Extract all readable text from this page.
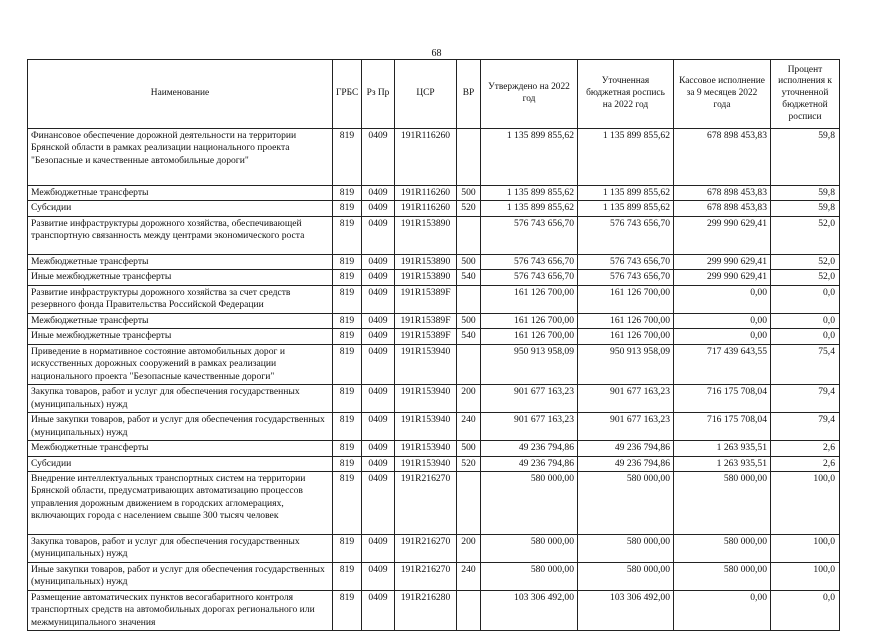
68
Наименование	ГРБС	Рз Пр	ЦСР	ВР	Утверждено на 2022 год	Уточненная бюджетная роспись на 2022 год	Кассовое исполнение за 9 месяцев 2022 года	Процент исполнения к уточненной бюджетной росписи
Финансовое обеспечение дорожной деятельности на территории Брянской области в рамках реализации национального проекта "Безопасные и качественные автомобильные дороги"	819	0409	191R116260		1 135 899 855,62	1 135 899 855,62	678 898 453,83	59,8
Межбюджетные трансферты	819	0409	191R116260	500	1 135 899 855,62	1 135 899 855,62	678 898 453,83	59,8
Субсидии	819	0409	191R116260	520	1 135 899 855,62	1 135 899 855,62	678 898 453,83	59,8
Развитие инфраструктуры дорожного хозяйства, обеспечивающей транспортную связанность между центрами экономического роста	819	0409	191R153890		576 743 656,70	576 743 656,70	299 990 629,41	52,0
Межбюджетные трансферты	819	0409	191R153890	500	576 743 656,70	576 743 656,70	299 990 629,41	52,0
Иные межбюджетные трансферты	819	0409	191R153890	540	576 743 656,70	576 743 656,70	299 990 629,41	52,0
Развитие инфраструктуры дорожного хозяйства за счет средств резервного фонда Правительства Российской Федерации	819	0409	191R15389F		161 126 700,00	161 126 700,00	0,00	0,0
Межбюджетные трансферты	819	0409	191R15389F	500	161 126 700,00	161 126 700,00	0,00	0,0
Иные межбюджетные трансферты	819	0409	191R15389F	540	161 126 700,00	161 126 700,00	0,00	0,0
Приведение в нормативное состояние автомобильных дорог и искусственных дорожных сооружений в рамках реализации национального проекта "Безопасные качественные дороги"	819	0409	191R153940		950 913 958,09	950 913 958,09	717 439 643,55	75,4
Закупка товаров, работ и услуг для обеспечения государственных (муниципальных) нужд	819	0409	191R153940	200	901 677 163,23	901 677 163,23	716 175 708,04	79,4
Иные закупки товаров, работ и услуг для обеспечения государственных (муниципальных) нужд	819	0409	191R153940	240	901 677 163,23	901 677 163,23	716 175 708,04	79,4
Межбюджетные трансферты	819	0409	191R153940	500	49 236 794,86	49 236 794,86	1 263 935,51	2,6
Субсидии	819	0409	191R153940	520	49 236 794,86	49 236 794,86	1 263 935,51	2,6
Внедрение интеллектуальных транспортных систем на территории Брянской области, предусматривающих автоматизацию процессов управления дорожным движением в городских агломерациях, включающих города с населением свыше 300 тысяч человек	819	0409	191R216270		580 000,00	580 000,00	580 000,00	100,0
Закупка товаров, работ и услуг для обеспечения государственных (муниципальных) нужд	819	0409	191R216270	200	580 000,00	580 000,00	580 000,00	100,0
Иные закупки товаров, работ и услуг для обеспечения государственных (муниципальных) нужд	819	0409	191R216270	240	580 000,00	580 000,00	580 000,00	100,0
Размещение автоматических пунктов весогабаритного контроля транспортных средств на автомобильных дорогах регионального или межмуниципального значения	819	0409	191R216280		103 306 492,00	103 306 492,00	0,00	0,0
